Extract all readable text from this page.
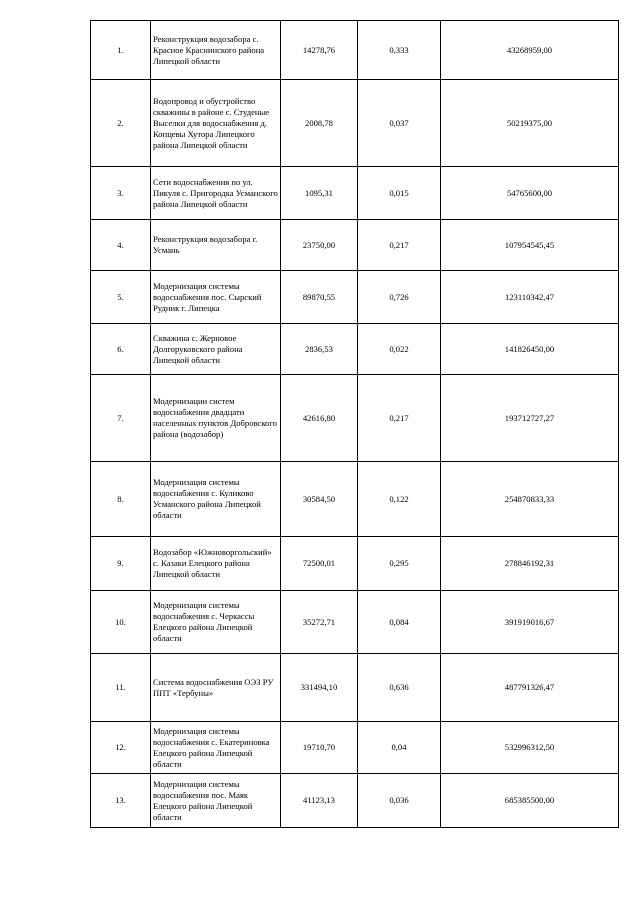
1.	Реконструкция водозабора с. Красное Краснинского района Липецкой области	14278,76	0,333	43268959,00
2.	Водопровод и обустройство скважины в районе с. Студеные Выселки для водоснабжения д. Копцевы Хутора Липецкого района Липецкой области	2008,78	0,037	50219375,00
3.	Сети водоснабжения по ул. Пикуля с. Пригородка Усманского района Липецкой области	1095,31	0,015	54765600,00
4.	Реконструкция водозабора г. Усмань	23750,00	0,217	107954545,45
5.	Модернизация системы водоснабжения пос. Сырский Рудник г. Липецка	89870,55	0,726	123110342,47
6.	Скважина с. Жерновое Долгоруковского района Липецкой области	2836,53	0,022	141826450,00
7.	Модернизации систем водоснабжения двадцати населенных пунктов Добровского района (водозабор)	42616,80	0,217	193712727,27
8.	Модернизация системы водоснабжения с. Куликово Усманского района Липецкой области	30584,50	0,122	254870833,33
9.	Водозабор «Южноворгольский» с. Казаки Елецкого района Липецкой области	72500,01	0,295	278846192,31
10.	Модернизация системы водоснабжения с. Черкассы Елецкого района Липецкой области	35272,71	0,084	391919016,67
11.	Система водоснабжения ОЭЗ РУ ППТ «Тербуны»	331494,10	0,636	487791326,47
12.	Модернизация системы водоснабжения с. Екатериновка Елецкого района Липецкой области	19710,70	0,04	532996312,50
13.	Модернизация системы водоснабжения пос. Маяк Елецкого района Липецкой области	41123,13	0,036	685385500,00
